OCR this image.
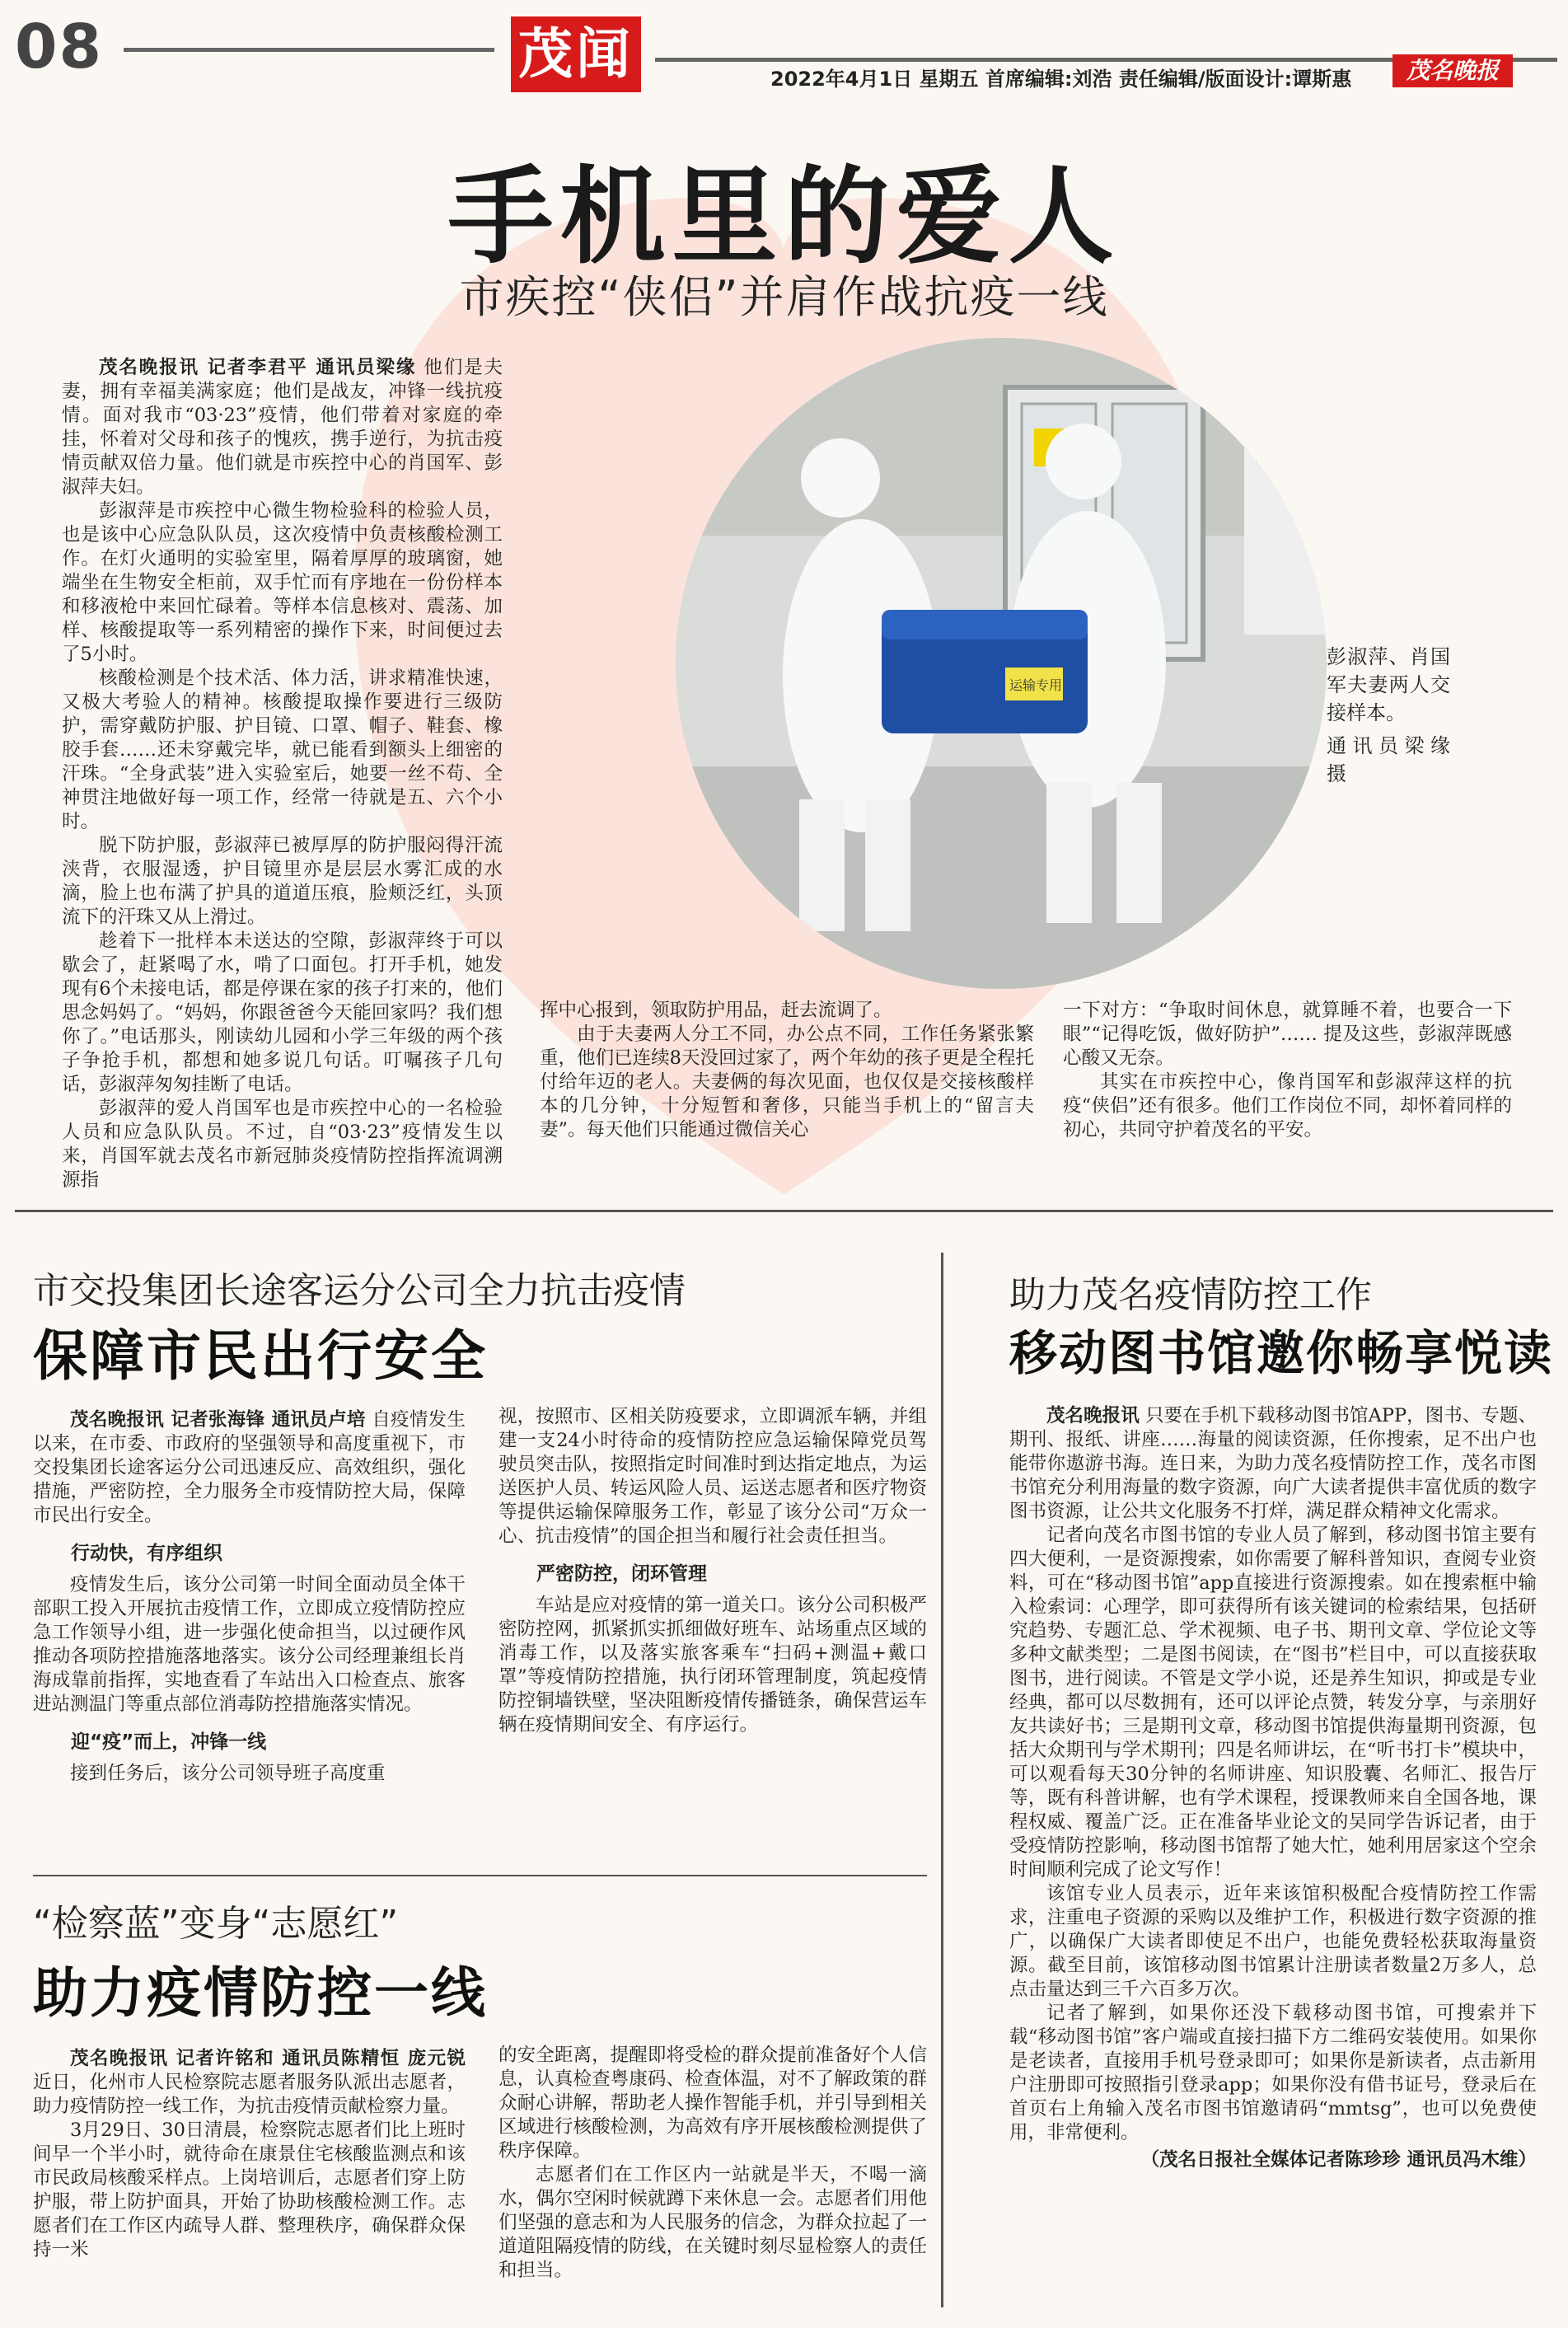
08	茂闻	2022年4月1日 星期五 首席编辑:刘浩 责任编辑/版面设计:谭斯惠	茂名晚报
手机里的爱人
市疾控“侠侣”并肩作战抗疫一线

茂名晚报讯 记者李君平 通讯员梁缘 他们是夫妻，拥有幸福美满家庭；他们是战友，冲锋一线抗疫情。面对我市“03·23”疫情，他们带着对家庭的牵挂，怀着对父母和孩子的愧疚，携手逆行，为抗击疫情贡献双倍力量。他们就是市疾控中心的肖国军、彭淑萍夫妇。

彭淑萍是市疾控中心微生物检验科的检验人员，也是该中心应急队队员，这次疫情中负责核酸检测工作。在灯火通明的实验室里，隔着厚厚的玻璃窗，她端坐在生物安全柜前，双手忙而有序地在一份份样本和移液枪中来回忙碌着。等样本信息核对、震荡、加样、核酸提取等一系列精密的操作下来，时间便过去了5小时。

核酸检测是个技术活、体力活，讲求精准快速，又极大考验人的精神。核酸提取操作要进行三级防护，需穿戴防护服、护目镜、口罩、帽子、鞋套、橡胶手套……还未穿戴完毕，就已能看到额头上细密的汗珠。“全身武装”进入实验室后，她要一丝不苟、全神贯注地做好每一项工作，经常一待就是五、六个小时。

脱下防护服，彭淑萍已被厚厚的防护服闷得汗流浃背，衣服湿透，护目镜里亦是层层水雾汇成的水滴，脸上也布满了护具的道道压痕，脸颊泛红，头顶流下的汗珠又从上滑过。

趁着下一批样本未送达的空隙，彭淑萍终于可以歇会了，赶紧喝了水，啃了口面包。打开手机，她发现有6个未接电话，都是停课在家的孩子打来的，他们思念妈妈了。“妈妈，你跟爸爸今天能回家吗？我们想你了。”电话那头，刚读幼儿园和小学三年级的两个孩子争抢手机，都想和她多说几句话。叮嘱孩子几句话，彭淑萍匆匆挂断了电话。

彭淑萍的爱人肖国军也是市疾控中心的一名检验人员和应急队队员。不过，自“03·23”疫情发生以来，肖国军就去茂名市新冠肺炎疫情防控指挥流调溯源指

挥中心报到，领取防护用品，赶去流调了。

由于夫妻两人分工不同，办公点不同，工作任务紧张繁重，他们已连续8天没回过家了，两个年幼的孩子更是全程托付给年迈的老人。夫妻俩的每次见面，也仅仅是交接核酸样本的几分钟，十分短暂和奢侈，只能当手机上的“留言夫妻”。每天他们只能通过微信关心

一下对方：“争取时间休息，就算睡不着，也要合一下眼”“记得吃饭，做好防护”…… 提及这些，彭淑萍既感心酸又无奈。

其实在市疾控中心，像肖国军和彭淑萍这样的抗疫“侠侣”还有很多。他们工作岗位不同，却怀着同样的初心，共同守护着茂名的平安。

食品安全
运输专用

彭淑萍、肖国军夫妻两人交接样本。

通讯员梁缘 摄

市交投集团长途客运分公司全力抗击疫情
保障市民出行安全

茂名晚报讯 记者张海锋 通讯员卢培 自疫情发生以来，在市委、市政府的坚强领导和高度重视下，市交投集团长途客运分公司迅速反应、高效组织，强化措施，严密防控，全力服务全市疫情防控大局，保障市民出行安全。

行动快，有序组织

疫情发生后，该分公司第一时间全面动员全体干部职工投入开展抗击疫情工作，立即成立疫情防控应急工作领导小组，进一步强化使命担当，以过硬作风推动各项防控措施落地落实。该分公司经理兼组长肖海成靠前指挥，实地查看了车站出入口检查点、旅客进站测温门等重点部位消毒防控措施落实情况。

迎“疫”而上，冲锋一线

接到任务后，该分公司领导班子高度重

视，按照市、区相关防疫要求，立即调派车辆，并组建一支24小时待命的疫情防控应急运输保障党员驾驶员突击队，按照指定时间准时到达指定地点，为运送医护人员、转运风险人员、运送志愿者和医疗物资等提供运输保障服务工作，彰显了该分公司“万众一心、抗击疫情”的国企担当和履行社会责任担当。

严密防控，闭环管理

车站是应对疫情的第一道关口。该分公司积极严密防控网，抓紧抓实抓细做好班车、站场重点区域的消毒工作，以及落实旅客乘车“扫码+测温+戴口罩”等疫情防控措施，执行闭环管理制度，筑起疫情防控铜墙铁壁，坚决阻断疫情传播链条，确保营运车辆在疫情期间安全、有序运行。

“检察蓝”变身“志愿红”
助力疫情防控一线

茂名晚报讯 记者许铭和 通讯员陈精恒 庞元锐 近日，化州市人民检察院志愿者服务队派出志愿者，助力疫情防控一线工作，为抗击疫情贡献检察力量。

3月29日、30日清晨，检察院志愿者们比上班时间早一个半小时，就待命在康景住宅核酸监测点和该市民政局核酸采样点。上岗培训后，志愿者们穿上防护服，带上防护面具，开始了协助核酸检测工作。志愿者们在工作区内疏导人群、整理秩序，确保群众保持一米

的安全距离，提醒即将受检的群众提前准备好个人信息，认真检查粤康码、检查体温，对不了解政策的群众耐心讲解，帮助老人操作智能手机，并引导到相关区域进行核酸检测，为高效有序开展核酸检测提供了秩序保障。

志愿者们在工作区内一站就是半天，不喝一滴水，偶尔空闲时候就蹲下来休息一会。志愿者们用他们坚强的意志和为人民服务的信念，为群众拉起了一道道阻隔疫情的防线，在关键时刻尽显检察人的责任和担当。

助力茂名疫情防控工作
移动图书馆邀你畅享悦读

茂名晚报讯 只要在手机下载移动图书馆APP，图书、专题、期刊、报纸、讲座……海量的阅读资源，任你搜索，足不出户也能带你遨游书海。连日来，为助力茂名疫情防控工作，茂名市图书馆充分利用海量的数字资源，向广大读者提供丰富优质的数字图书资源，让公共文化服务不打烊，满足群众精神文化需求。

记者向茂名市图书馆的专业人员了解到，移动图书馆主要有四大便利，一是资源搜索，如你需要了解科普知识，查阅专业资料，可在“移动图书馆”app直接进行资源搜索。如在搜索框中输入检索词：心理学，即可获得所有该关键词的检索结果，包括研究趋势、专题汇总、学术视频、电子书、期刊文章、学位论文等多种文献类型；二是图书阅读，在“图书”栏目中，可以直接获取图书，进行阅读。不管是文学小说，还是养生知识，抑或是专业经典，都可以尽数拥有，还可以评论点赞，转发分享，与亲朋好友共读好书；三是期刊文章，移动图书馆提供海量期刊资源，包括大众期刊与学术期刊；四是名师讲坛，在“听书打卡”模块中，可以观看每天30分钟的名师讲座、知识股囊、名师汇、报告厅等，既有科普讲解，也有学术课程，授课教师来自全国各地，课程权威、覆盖广泛。正在准备毕业论文的吴同学告诉记者，由于受疫情防控影响，移动图书馆帮了她大忙，她利用居家这个空余时间顺利完成了论文写作！

该馆专业人员表示，近年来该馆积极配合疫情防控工作需求，注重电子资源的采购以及维护工作，积极进行数字资源的推广，以确保广大读者即使足不出户，也能免费轻松获取海量资源。截至目前，该馆移动图书馆累计注册读者数量2万多人，总点击量达到三千六百多万次。

记者了解到，如果你还没下载移动图书馆，可搜索并下载“移动图书馆”客户端或直接扫描下方二维码安装使用。如果你是老读者，直接用手机号登录即可；如果你是新读者，点击新用户注册即可按照指引登录app；如果你没有借书证号，登录后在首页右上角输入茂名市图书馆邀请码“mmtsg”，也可以免费使用，非常便利。

（茂名日报社全媒体记者陈珍珍 通讯员冯木维）
